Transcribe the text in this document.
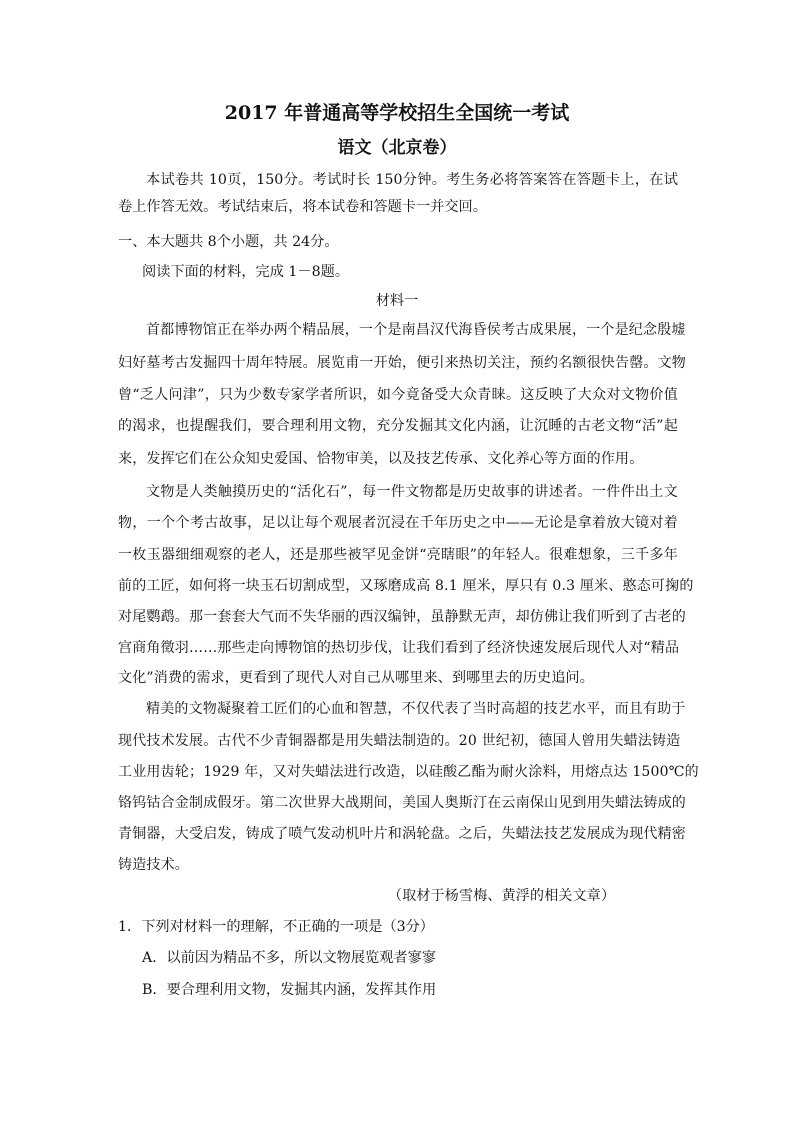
2017 年普通高等学校招生全国统一考试
语文（北京卷）
本试卷共 10页，150分。考试时长 150分钟。考生务必将答案答在答题卡上，在试
卷上作答无效。考试结束后，将本试卷和答题卡一并交回。
一、本大题共 8个小题，共 24分。
阅读下面的材料，完成 1－8题。
材料一
首都博物馆正在举办两个精品展，一个是南昌汉代海昏侯考古成果展，一个是纪念殷墟
妇好墓考古发掘四十周年特展。展览甫一开始，便引来热切关注，预约名额很快告罄。文物
曾“乏人问津”，只为少数专家学者所识，如今竟备受大众青睐。这反映了大众对文物价值
的渴求，也提醒我们，要合理利用文物，充分发掘其文化内涵，让沉睡的古老文物“活”起
来，发挥它们在公众知史爱国、恰物审美，以及技艺传承、文化养心等方面的作用。
文物是人类触摸历史的“活化石”，每一件文物都是历史故事的讲述者。一件件出土文
物，一个个考古故事，足以让每个观展者沉浸在千年历史之中——无论是拿着放大镜对着
一枚玉器细细观察的老人，还是那些被罕见金饼“亮瞎眼”的年轻人。很难想象，三千多年
前的工匠，如何将一块玉石切割成型，又琢磨成高 8.1 厘米，厚只有 0.3 厘米、憨态可掬的
对尾鹦鹉。那一套套大气而不失华丽的西汉编钟，虽静默无声，却仿佛让我们听到了古老的
宫商角徵羽……那些走向博物馆的热切步伐，让我们看到了经济快速发展后现代人对“精品
文化”消费的需求，更看到了现代人对自己从哪里来、到哪里去的历史追问。
精美的文物凝聚着工匠们的心血和智慧，不仅代表了当时高超的技艺水平，而且有助于
现代技术发展。古代不少青铜器都是用失蜡法制造的。20 世纪初，德国人曾用失蜡法铸造
工业用齿轮；1929 年，又对失蜡法进行改造，以硅酸乙酯为耐火涂料，用熔点达 1500℃的
铬钨钴合金制成假牙。第二次世界大战期间，美国人奥斯汀在云南保山见到用失蜡法铸成的
青铜器，大受启发，铸成了喷气发动机叶片和涡轮盘。之后，失蜡法技艺发展成为现代精密
铸造技术。
（取材于杨雪梅、黄浮的相关文章）
1．下列对材料一的理解，不正确的一项是（3分）
A．以前因为精品不多，所以文物展览观者寥寥
B．要合理利用文物，发掘其内涵，发挥其作用
